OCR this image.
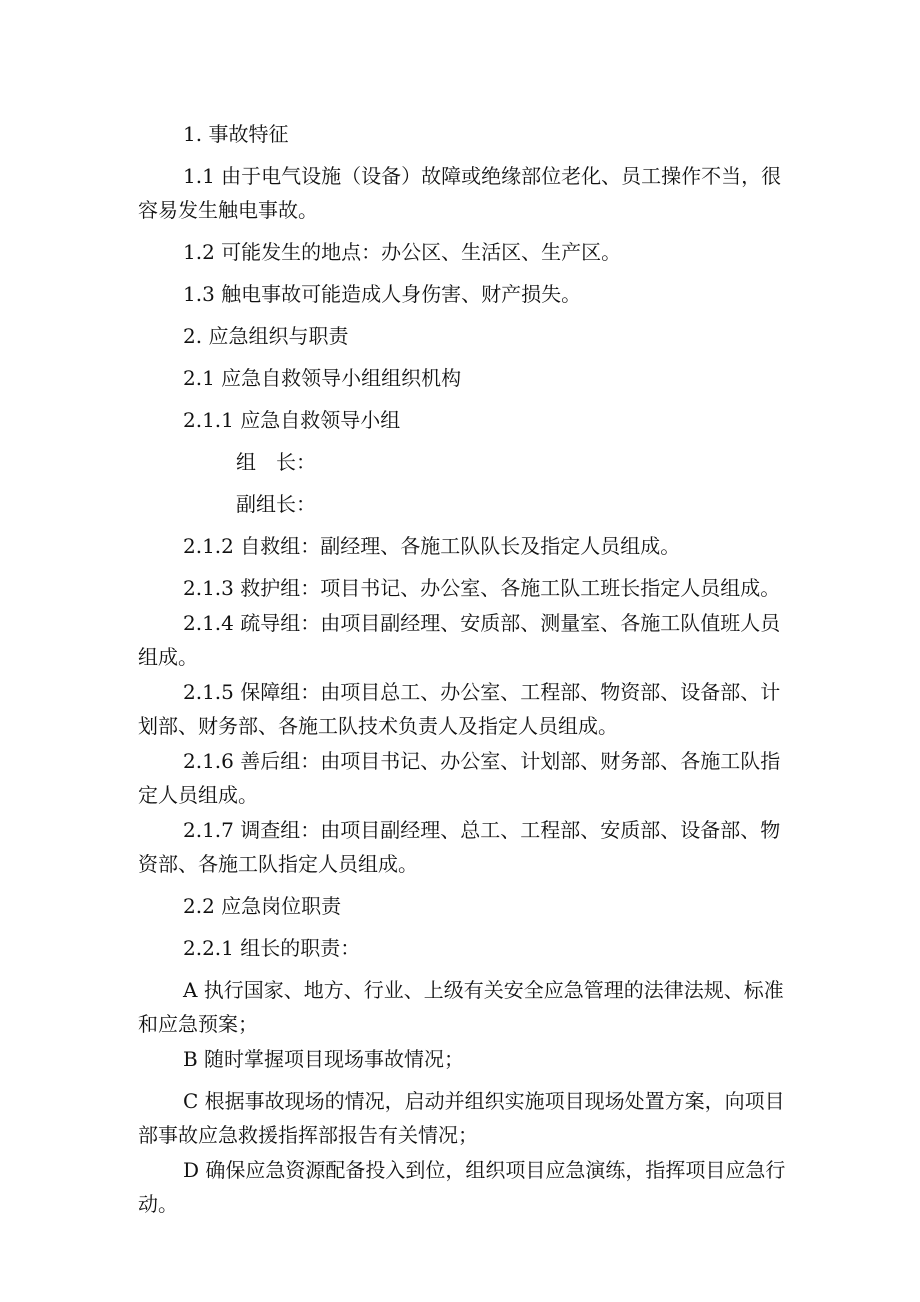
1. 事故特征

1.1 由于电气设施（设备）故障或绝缘部位老化、员工操作不当，很容易发生触电事故。

1.2 可能发生的地点：办公区、生活区、生产区。

1.3 触电事故可能造成人身伤害、财产损失。

2. 应急组织与职责

2.1 应急自救领导小组组织机构

2.1.1 应急自救领导小组

组　长：

副组长：

2.1.2 自救组：副经理、各施工队队长及指定人员组成。

2.1.3 救护组：项目书记、办公室、各施工队工班长指定人员组成。

2.1.4 疏导组：由项目副经理、安质部、测量室、各施工队值班人员组成。

2.1.5 保障组：由项目总工、办公室、工程部、物资部、设备部、计划部、财务部、各施工队技术负责人及指定人员组成。

2.1.6 善后组：由项目书记、办公室、计划部、财务部、各施工队指定人员组成。

2.1.7 调查组：由项目副经理、总工、工程部、安质部、设备部、物资部、各施工队指定人员组成。

2.2 应急岗位职责

2.2.1 组长的职责：

A 执行国家、地方、行业、上级有关安全应急管理的法律法规、标准和应急预案；

B 随时掌握项目现场事故情况；

C 根据事故现场的情况，启动并组织实施项目现场处置方案，向项目部事故应急救援指挥部报告有关情况；

D 确保应急资源配备投入到位，组织项目应急演练，指挥项目应急行动。
